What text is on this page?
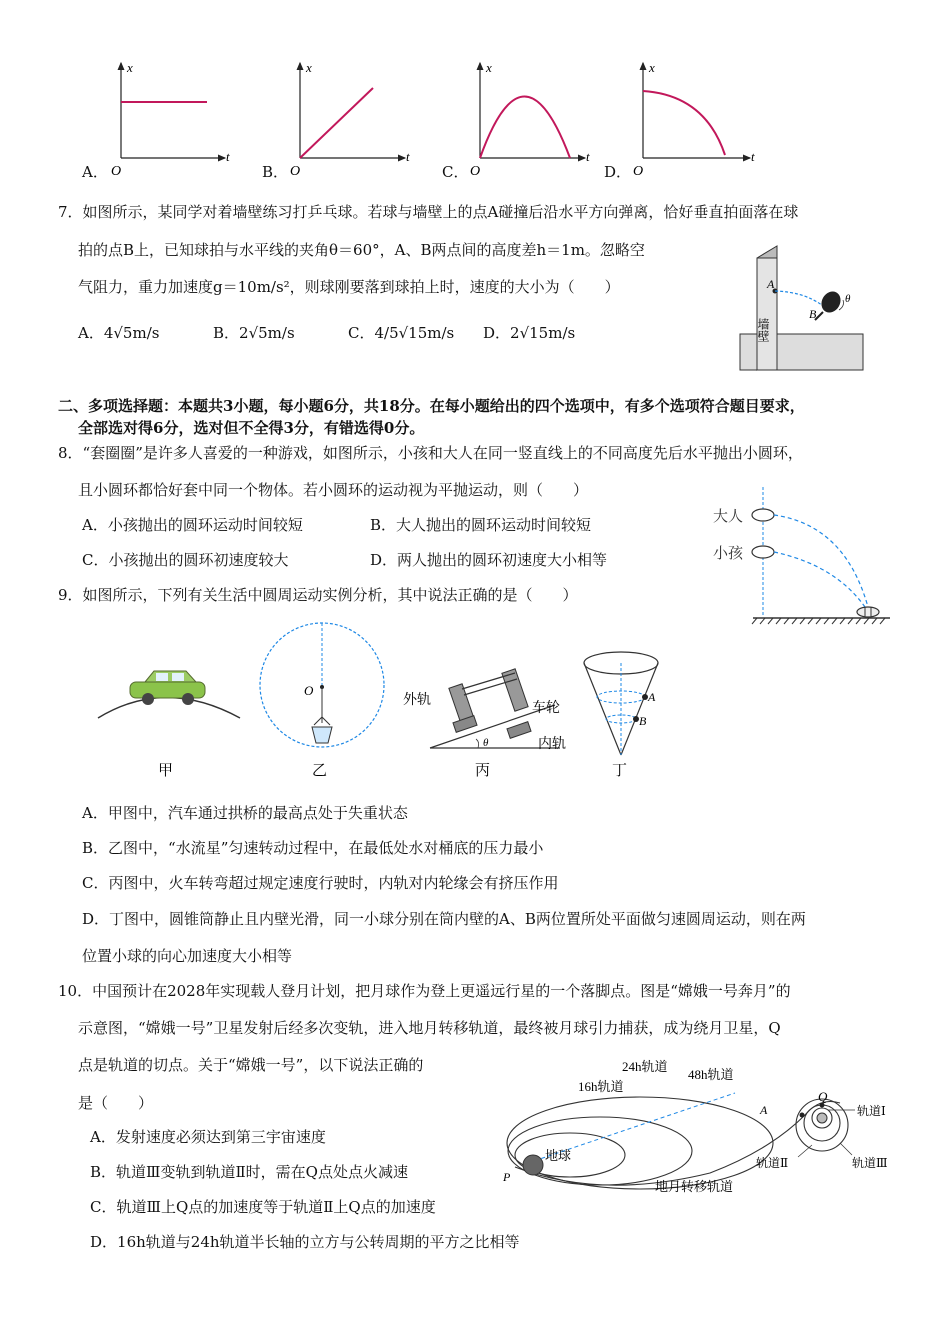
x
t
O
x
t
O
x
t
O
x
t
O
A．	B．	C．	D．
7．如图所示，某同学对着墙壁练习打乒乓球。若球与墙壁上的点A碰撞后沿水平方向弹离，恰好垂直拍面落在球
拍的点B上，已知球拍与水平线的夹角θ＝60°，A、B两点间的高度差h＝1m。忽略空
气阻力，重力加速度g＝10m/s²，则球刚要落到球拍上时，速度的大小为（　　）
A．4√5m/s	B．2√5m/s	C．4/5√15m/s D．2√15m/s	墙壁
A
B
θ
二、多项选择题：本题共3小题，每小题6分，共18分。在每小题给出的四个选项中，有多个选项符合题目要求，
全部选对得6分，选对但不全得3分，有错选得0分。
8．“套圈圈”是许多人喜爱的一种游戏，如图所示，小孩和大人在同一竖直线上的不同高度先后水平抛出小圆环，
且小圆环都恰好套中同一个物体。若小圆环的运动视为平抛运动，则（　　）
A．小孩抛出的圆环运动时间较短	B．大人抛出的圆环运动时间较短
C．小孩抛出的圆环初速度较大	D．两人抛出的圆环初速度大小相等
大人
小孩
9．如图所示，下列有关生活中圆周运动实例分析，其中说法正确的是（　　）
O
外轨
车轮
内轨
θ
A
B
甲	乙	丙	丁
A．甲图中，汽车通过拱桥的最高点处于失重状态
B．乙图中，“水流星”匀速转动过程中，在最低处水对桶底的压力最小
C．丙图中，火车转弯超过规定速度行驶时，内轨对内轮缘会有挤压作用
D．丁图中，圆锥筒静止且内壁光滑，同一小球分别在筒内壁的A、B两位置所处平面做匀速圆周运动，则在两
位置小球的向心加速度大小相等
10．中国预计在2028年实现载人登月计划，把月球作为登上更遥远行星的一个落脚点。图是“嫦娥一号奔月”的
示意图，“嫦娥一号”卫星发射后经多次变轨，进入地月转移轨道，最终被月球引力捕获，成为绕月卫星，Q
点是轨道的切点。关于“嫦娥一号”，以下说法正确的
是（　　）
A．发射速度必须达到第三宇宙速度
B．轨道Ⅲ变轨到轨道Ⅱ时，需在Q点处点火减速
C．轨道Ⅲ上Q点的加速度等于轨道Ⅱ上Q点的加速度
D．16h轨道与24h轨道半长轴的立方与公转周期的平方之比相等
24h轨道
16h轨道
48h轨道
地球
P
A
Q
轨道Ⅰ
轨道Ⅱ	轨道Ⅲ
地月转移轨道
